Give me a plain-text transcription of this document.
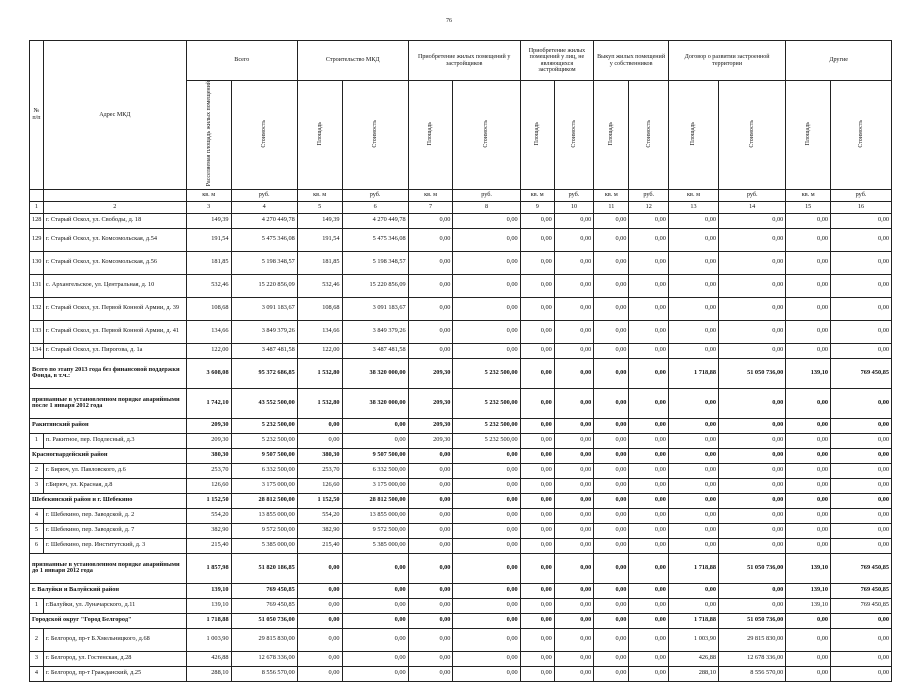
76
№ п/п	Адрес МКД	Всего		Строительство МКД		Приобретение жилых помещений у застройщиков		Приобретение жилых помещений у лиц, не являющихся застройщиком		Выкуп жилых помещений у собственников		Договор о развитии застроенной территории		Другие	
		Расселяемая площадь жилых помещений	Стоимость	Площадь	Стоимость	Площадь	Стоимость	Площадь	Стоимость	Площадь	Стоимость	Площадь	Стоимость	Площадь	Стоимость
		кв. м	руб.	кв. м	руб.	кв. м	руб.	кв. м	руб.	кв. м	руб.	кв. м	руб.	кв. м	руб.
1	2	3	4	5	6	7	8	9	10	11	12	13	14	15	16
128	г. Старый Оскол, ул. Свободы, д. 18	149,39	4 270 449,78	149,39	4 270 449,78	0,00	0,00	0,00	0,00	0,00	0,00	0,00	0,00	0,00	0,00
129	г. Старый Оскол, ул. Комсомольская, д.54	191,54	5 475 346,08	191,54	5 475 346,08	0,00	0,00	0,00	0,00	0,00	0,00	0,00	0,00	0,00	0,00
130	г. Старый Оскол, ул. Комсомольская, д.56	181,85	5 198 348,57	181,85	5 198 348,57	0,00	0,00	0,00	0,00	0,00	0,00	0,00	0,00	0,00	0,00
131	с. Архангельское, ул. Центральная, д. 10	532,46	15 220 856,09	532,46	15 220 856,09	0,00	0,00	0,00	0,00	0,00	0,00	0,00	0,00	0,00	0,00
132	г. Старый Оскол, ул. Первой Конной Армии, д. 39	108,68	3 091 183,67	108,68	3 091 183,67	0,00	0,00	0,00	0,00	0,00	0,00	0,00	0,00	0,00	0,00
133	г. Старый Оскол, ул. Первой Конной Армии, д. 41	134,66	3 849 379,26	134,66	3 849 379,26	0,00	0,00	0,00	0,00	0,00	0,00	0,00	0,00	0,00	0,00
134	г. Старый Оскол, ул. Пирогова, д. 1а	122,00	3 487 481,58	122,00	3 487 481,58	0,00	0,00	0,00	0,00	0,00	0,00	0,00	0,00	0,00	0,00
Всего по этапу 2013 года без финансовой поддержки Фонда, в т.ч.:		3 608,08	95 372 686,85	1 532,80	38 320 000,00	209,30	5 232 500,00	0,00	0,00	0,00	0,00	1 718,88	51 050 736,00	139,10	769 450,85
признанные в установленном порядке аварийными после 1 января 2012 года		1 742,10	43 552 500,00	1 532,80	38 320 000,00	209,30	5 232 500,00	0,00	0,00	0,00	0,00	0,00	0,00	0,00	0,00
Ракитянский район		209,30	5 232 500,00	0,00	0,00	209,30	5 232 500,00	0,00	0,00	0,00	0,00	0,00	0,00	0,00	0,00
1	п. Ракитное, пер. Подлесный, д.3	209,30	5 232 500,00	0,00	0,00	209,30	5 232 500,00	0,00	0,00	0,00	0,00	0,00	0,00	0,00	0,00
Красногвардейский район		380,30	9 507 500,00	380,30	9 507 500,00	0,00	0,00	0,00	0,00	0,00	0,00	0,00	0,00	0,00	0,00
2	г. Бирюч, ул. Павловского, д.6	253,70	6 332 500,00	253,70	6 332 500,00	0,00	0,00	0,00	0,00	0,00	0,00	0,00	0,00	0,00	0,00
3	г.Бирюч, ул. Красная, д.8	126,60	3 175 000,00	126,60	3 175 000,00	0,00	0,00	0,00	0,00	0,00	0,00	0,00	0,00	0,00	0,00
Шебекинский район и г. Шебекино		1 152,50	28 812 500,00	1 152,50	28 812 500,00	0,00	0,00	0,00	0,00	0,00	0,00	0,00	0,00	0,00	0,00
4	г. Шебекино, пер. Заводской, д. 2	554,20	13 855 000,00	554,20	13 855 000,00	0,00	0,00	0,00	0,00	0,00	0,00	0,00	0,00	0,00	0,00
5	г. Шебекино, пер. Заводской, д. 7	382,90	9 572 500,00	382,90	9 572 500,00	0,00	0,00	0,00	0,00	0,00	0,00	0,00	0,00	0,00	0,00
6	г. Шебекино, пер. Институтский, д. 3	215,40	5 385 000,00	215,40	5 385 000,00	0,00	0,00	0,00	0,00	0,00	0,00	0,00	0,00	0,00	0,00
признанные в установленном порядке аварийными до 1 января 2012 года		1 857,98	51 820 186,85	0,00	0,00	0,00	0,00	0,00	0,00	0,00	0,00	1 718,88	51 050 736,00	139,10	769 450,85
г. Валуйки и Валуйский район		139,10	769 450,85	0,00	0,00	0,00	0,00	0,00	0,00	0,00	0,00	0,00	0,00	139,10	769 450,85
1	г.Валуйки, ул. Луначарского, д.11	139,10	769 450,85	0,00	0,00	0,00	0,00	0,00	0,00	0,00	0,00	0,00	0,00	139,10	769 450,85
Городской округ "Город Белгород"		1 718,88	51 050 736,00	0,00	0,00	0,00	0,00	0,00	0,00	0,00	0,00	1 718,88	51 050 736,00	0,00	0,00
2	г. Белгород, пр-т Б.Хмельницкого, д.68	1 003,90	29 815 830,00	0,00	0,00	0,00	0,00	0,00	0,00	0,00	0,00	1 003,90	29 815 830,00	0,00	0,00
3	г. Белгород, ул. Гостенская, д.28	426,88	12 678 336,00	0,00	0,00	0,00	0,00	0,00	0,00	0,00	0,00	426,88	12 678 336,00	0,00	0,00
4	г. Белгород, пр-т Гражданский, д.25	288,10	8 556 570,00	0,00	0,00	0,00	0,00	0,00	0,00	0,00	0,00	288,10	8 556 570,00	0,00	0,00
